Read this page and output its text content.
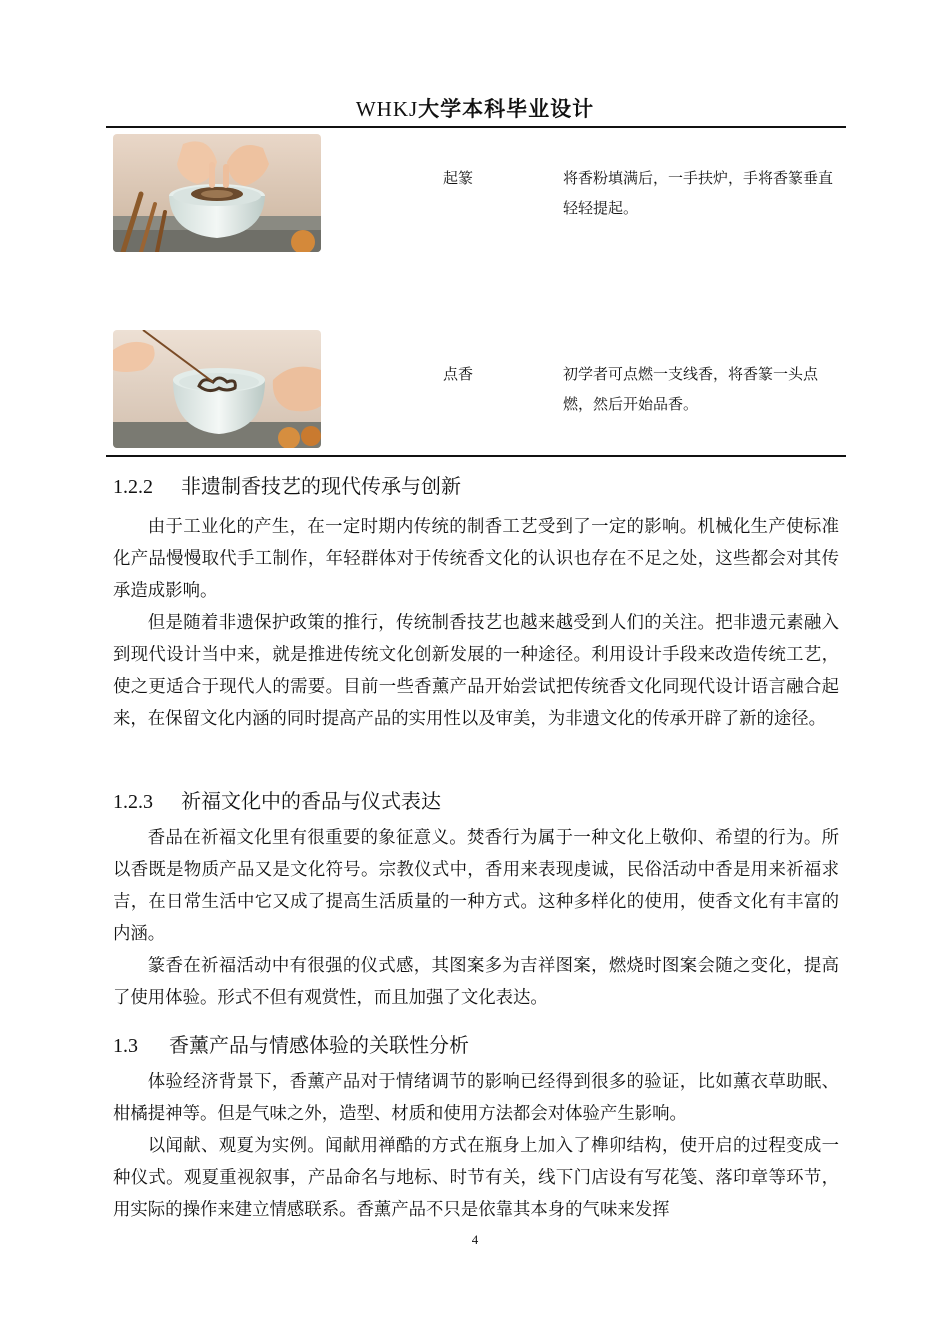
WHKJ大学本科毕业设计
起篆	将香粉填满后，一手扶炉，手将香篆垂直轻轻提起。
点香	初学者可点燃一支线香，将香篆一头点燃，然后开始品香。
1.2.2 非遗制香技艺的现代传承与创新
由于工业化的产生，在一定时期内传统的制香工艺受到了一定的影响。机械化生产使标准化产品慢慢取代手工制作，年轻群体对于传统香文化的认识也存在不足之处，这些都会对其传承造成影响。
但是随着非遗保护政策的推行，传统制香技艺也越来越受到人们的关注。把非遗元素融入到现代设计当中来，就是推进传统文化创新发展的一种途径。利用设计手段来改造传统工艺，使之更适合于现代人的需要。目前一些香薰产品开始尝试把传统香文化同现代设计语言融合起来，在保留文化内涵的同时提高产品的实用性以及审美，为非遗文化的传承开辟了新的途径。
1.2.3 祈福文化中的香品与仪式表达
香品在祈福文化里有很重要的象征意义。焚香行为属于一种文化上敬仰、希望的行为。所以香既是物质产品又是文化符号。宗教仪式中，香用来表现虔诚，民俗活动中香是用来祈福求吉，在日常生活中它又成了提高生活质量的一种方式。这种多样化的使用，使香文化有丰富的内涵。
篆香在祈福活动中有很强的仪式感，其图案多为吉祥图案，燃烧时图案会随之变化，提高了使用体验。形式不但有观赏性，而且加强了文化表达。
1.3 香薰产品与情感体验的关联性分析
体验经济背景下，香薰产品对于情绪调节的影响已经得到很多的验证，比如薰衣草助眠、柑橘提神等。但是气味之外，造型、材质和使用方法都会对体验产生影响。
以闻献、观夏为实例。闻献用禅酷的方式在瓶身上加入了榫卯结构，使开启的过程变成一种仪式。观夏重视叙事，产品命名与地标、时节有关，线下门店设有写花笺、落印章等环节，用实际的操作来建立情感联系。香薰产品不只是依靠其本身的气味来发挥
4
